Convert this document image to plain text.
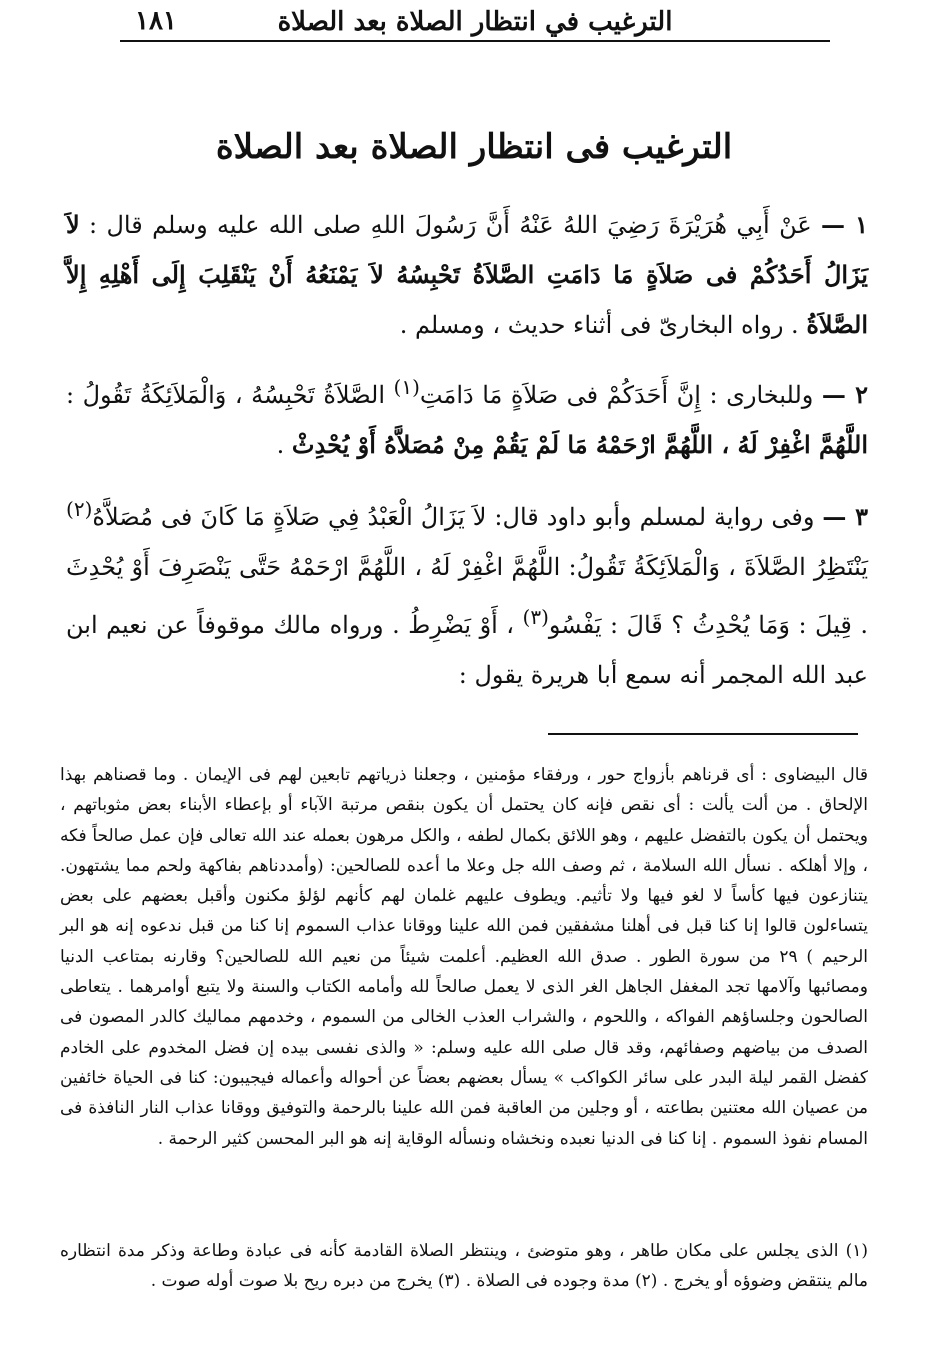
الترغيب في انتظار الصلاة بعد الصلاة
١٨١
الترغيب فى انتظار الصلاة بعد الصلاة

١ — عَنْ أَبِي هُرَيْرَةَ رَضِيَ اللهُ عَنْهُ أَنَّ رَسُولَ اللهِ صلى الله عليه وسلم قال : لاَ يَزَالُ أَحَدُكُمْ فى صَلاَةٍ مَا دَامَتِ الصَّلاَةُ تَحْبِسُهُ لاَ يَمْنَعُهُ أَنْ يَنْقَلِبَ إِلَى أَهْلِهِ إِلاَّ الصَّلاَةُ . رواه البخارىّ فى أثناء حديث ، ومسلم .

٢ — وللبخارى : إِنَّ أَحَدَكُمْ فى صَلاَةٍ مَا دَامَتِ$^{(١)}$ الصَّلاَةُ تَحْبِسُهُ ، وَالْمَلاَئِكَةُ تَقُولُ : اللَّهُمَّ اغْفِرْ لَهُ ، اللَّهُمَّ ارْحَمْهُ مَا لَمْ يَقُمْ مِنْ مُصَلاَّهُ أَوْ يُحْدِثْ .

٣ — وفى رواية لمسلم وأبو داود قال: لاَ يَزَالُ الْعَبْدُ فِي صَلاَةٍ مَا كَانَ فى مُصَلاَّهُ$^{(٢)}$ يَنْتَظِرُ الصَّلاَةَ ، وَالْمَلاَئِكَةُ تَقُولُ: اللَّهُمَّ اغْفِرْ لَهُ ، اللَّهُمَّ ارْحَمْهُ حَتَّى يَنْصَرِفَ أَوْ يُحْدِثَ . قِيلَ : وَمَا يُحْدِثُ ؟ قَالَ : يَفْسُو$^{(٣)}$ ، أَوْ يَضْرِطُ . ورواه مالك موقوفاً عن نعيم ابن عبد الله المجمر أنه سمع أبا هريرة يقول :

قال البيضاوى : أى قرناهم بأزواج حور ، ورفقاء مؤمنين ، وجعلنا ذرياتهم تابعين لهم فى الإيمان . وما قصناهم بهذا الإلحاق . من ألت يألت : أى نقص فإنه كان يحتمل أن يكون بنقص مرتبة الآباء أو بإعطاء الأبناء بعض مثوباتهم ، ويحتمل أن يكون بالتفضل عليهم ، وهو اللائق بكمال لطفه ، والكل مرهون بعمله عند الله تعالى فإن عمل صالحاً فكه ، وإلا أهلكه . نسأل الله السلامة ، ثم وصف الله جل وعلا ما أعده للصالحين: (وأمددناهم بفاكهة ولحم مما يشتهون. يتنازعون فيها كأساً لا لغو فيها ولا تأثيم. ويطوف عليهم غلمان لهم كأنهم لؤلؤ مكنون وأقبل بعضهم على بعض يتساءلون قالوا إنا كنا قبل فى أهلنا مشفقين فمن الله علينا ووقانا عذاب السموم إنا كنا من قبل ندعوه إنه هو البر الرحيم ) ٢٩ من سورة الطور . صدق الله العظيم. أعلمت شيئاً من نعيم الله للصالحين؟ وقارنه بمتاعب الدنيا ومصائبها وآلامها تجد المغفل الجاهل الغر الذى لا يعمل صالحاً لله وأمامه الكتاب والسنة ولا يتبع أوامرهما . يتعاطى الصالحون وجلساؤهم الفواكه ، واللحوم ، والشراب العذب الخالى من السموم ، وخدمهم مماليك كالدر المصون فى الصدف من بياضهم وصفائهم، وقد قال صلى الله عليه وسلم: « والذى نفسى بيده إن فضل المخدوم على الخادم كفضل القمر ليلة البدر على سائر الكواكب » يسأل بعضهم بعضاً عن أحواله وأعماله فيجيبون: كنا فى الحياة خائفين من عصيان الله معتنين بطاعته ، أو وجلين من العاقبة فمن الله علينا بالرحمة والتوفيق ووقانا عذاب النار النافذة فى المسام نفوذ السموم . إنا كنا فى الدنيا نعبده ونخشاه ونسأله الوقاية إنه هو البر المحسن كثير الرحمة .

(١) الذى يجلس على مكان طاهر ، وهو متوضئ ، وينتظر الصلاة القادمة كأنه فى عبادة وطاعة وذكر مدة انتظاره مالم ينتقض وضوؤه أو يخرج . (٢) مدة وجوده فى الصلاة . (٣) يخرج من دبره ريح بلا صوت أوله صوت .
